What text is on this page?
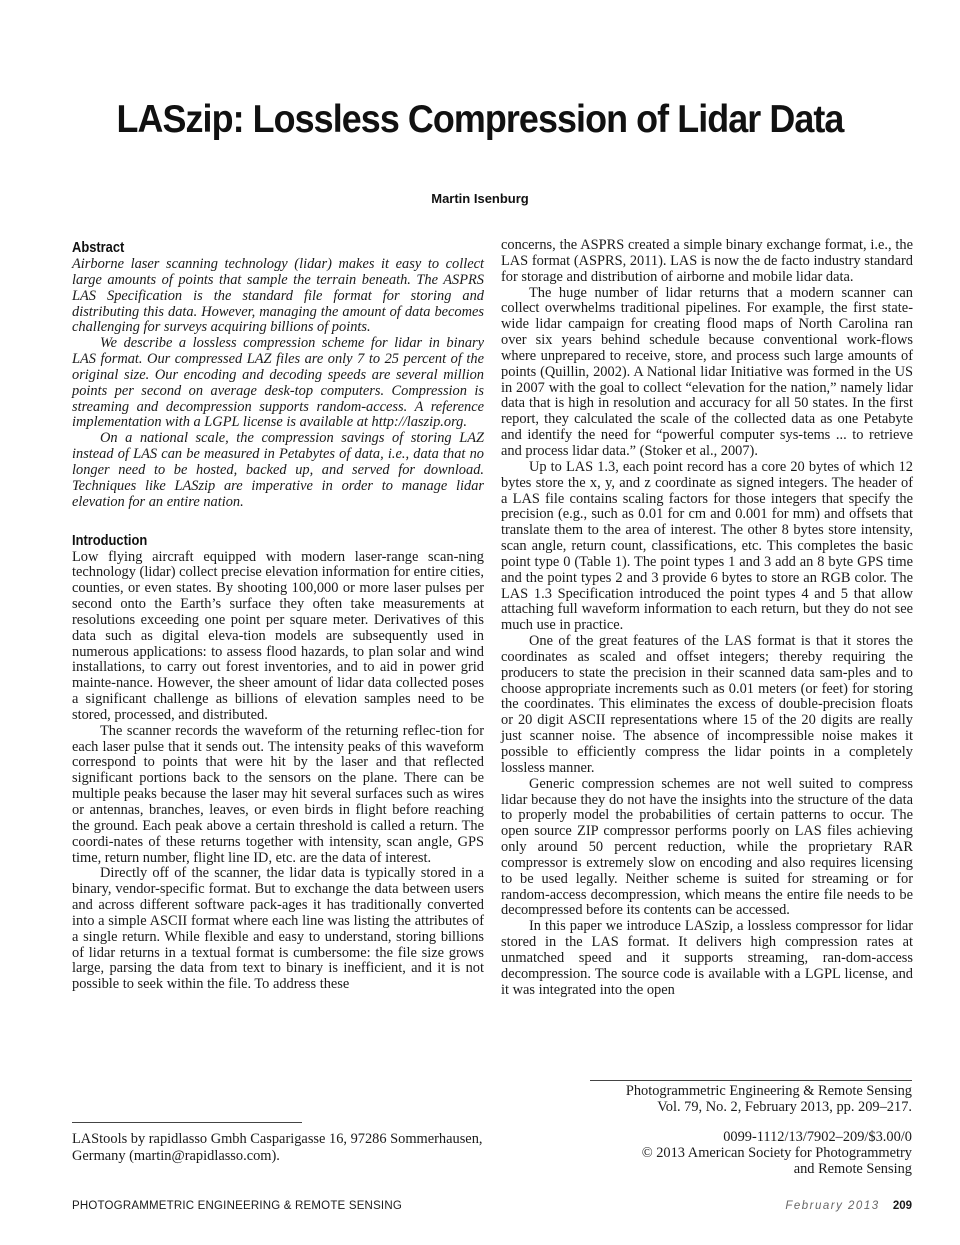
LASzip: Lossless Compression of Lidar Data
Martin Isenburg
Abstract

Airborne laser scanning technology (lidar) makes it easy to collect large amounts of points that sample the terrain beneath. The ASPRS LAS Specification is the standard file format for storing and distributing this data. However, managing the amount of data becomes challenging for surveys acquiring billions of points.

We describe a lossless compression scheme for lidar in binary LAS format. Our compressed LAZ files are only 7 to 25 percent of the original size. Our encoding and decoding speeds are several million points per second on average desk-top computers. Compression is streaming and decompression supports random-access. A reference implementation with a LGPL license is available at http://laszip.org.

On a national scale, the compression savings of storing LAZ instead of LAS can be measured in Petabytes of data, i.e., data that no longer need to be hosted, backed up, and served for download. Techniques like LASzip are imperative in order to manage lidar elevation for an entire nation.

Introduction

Low flying aircraft equipped with modern laser-range scan-ning technology (lidar) collect precise elevation information for entire cities, counties, or even states. By shooting 100,000 or more laser pulses per second onto the Earth’s surface they often take measurements at resolutions exceeding one point per square meter. Derivatives of this data such as digital eleva-tion models are subsequently used in numerous applications: to assess flood hazards, to plan solar and wind installations, to carry out forest inventories, and to aid in power grid mainte-nance. However, the sheer amount of lidar data collected poses a significant challenge as billions of elevation samples need to be stored, processed, and distributed.

The scanner records the waveform of the returning reflec-tion for each laser pulse that it sends out. The intensity peaks of this waveform correspond to points that were hit by the laser and that reflected significant portions back to the sensors on the plane. There can be multiple peaks because the laser may hit several surfaces such as wires or antennas, branches, leaves, or even birds in flight before reaching the ground. Each peak above a certain threshold is called a return. The coordi-nates of these returns together with intensity, scan angle, GPS time, return number, flight line ID, etc. are the data of interest.

Directly off of the scanner, the lidar data is typically stored in a binary, vendor-specific format. But to exchange the data between users and across different software pack-ages it has traditionally converted into a simple ASCII format where each line was listing the attributes of a single return. While flexible and easy to understand, storing billions of lidar returns in a textual format is cumbersome: the file size grows large, parsing the data from text to binary is inefficient, and it is not possible to seek within the file. To address these

concerns, the ASPRS created a simple binary exchange format, i.e., the LAS format (ASPRS, 2011). LAS is now the de facto industry standard for storage and distribution of airborne and mobile lidar data.

The huge number of lidar returns that a modern scanner can collect overwhelms traditional pipelines. For example, the first state-wide lidar campaign for creating flood maps of North Carolina ran over six years behind schedule because conventional work-flows where unprepared to receive, store, and process such large amounts of points (Quillin, 2002). A National lidar Initiative was formed in the US in 2007 with the goal to collect “elevation for the nation,” namely lidar data that is high in resolution and accuracy for all 50 states. In the first report, they calculated the scale of the collected data as one Petabyte and identify the need for “powerful computer sys-tems ... to retrieve and process lidar data.” (Stoker et al., 2007).

Up to LAS 1.3, each point record has a core 20 bytes of which 12 bytes store the x, y, and z coordinate as signed integers. The header of a LAS file contains scaling factors for those integers that specify the precision (e.g., such as 0.01 for cm and 0.001 for mm) and offsets that translate them to the area of interest. The other 8 bytes store intensity, scan angle, return count, classifications, etc. This completes the basic point type 0 (Table 1). The point types 1 and 3 add an 8 byte GPS time and the point types 2 and 3 provide 6 bytes to store an RGB color. The LAS 1.3 Specification introduced the point types 4 and 5 that allow attaching full waveform information to each return, but they do not see much use in practice.

One of the great features of the LAS format is that it stores the coordinates as scaled and offset integers; thereby requiring the producers to state the precision in their scanned data sam-ples and to choose appropriate increments such as 0.01 meters (or feet) for storing the coordinates. This eliminates the excess of double-precision floats or 20 digit ASCII representations where 15 of the 20 digits are really just scanner noise. The absence of incompressible noise makes it possible to efficiently compress the lidar points in a completely lossless manner.

Generic compression schemes are not well suited to compress lidar because they do not have the insights into the structure of the data to properly model the probabilities of certain patterns to occur. The open source ZIP compressor performs poorly on LAS files achieving only around 50 percent reduction, while the proprietary RAR compressor is extremely slow on encoding and also requires licensing to be used legally. Neither scheme is suited for streaming or for random-access decompression, which means the entire file needs to be decompressed before its contents can be accessed.

In this paper we introduce LASzip, a lossless compressor for lidar stored in the LAS format. It delivers high compression rates at unmatched speed and it supports streaming, ran-dom-access decompression. The source code is available with a LGPL license, and it was integrated into the open

Photogrammetric Engineering & Remote Sensing
Vol. 79, No. 2, February 2013, pp. 209–217.
0099-1112/13/7902–209/$3.00/0
© 2013 American Society for Photogrammetry
and Remote Sensing
LAStools by rapidlasso Gmbh Casparigasse 16, 97286 Sommerhausen, Germany (martin@rapidlasso.com).
PHOTOGRAMMETRIC ENGINEERING & REMOTE SENSING	February 2013 209
